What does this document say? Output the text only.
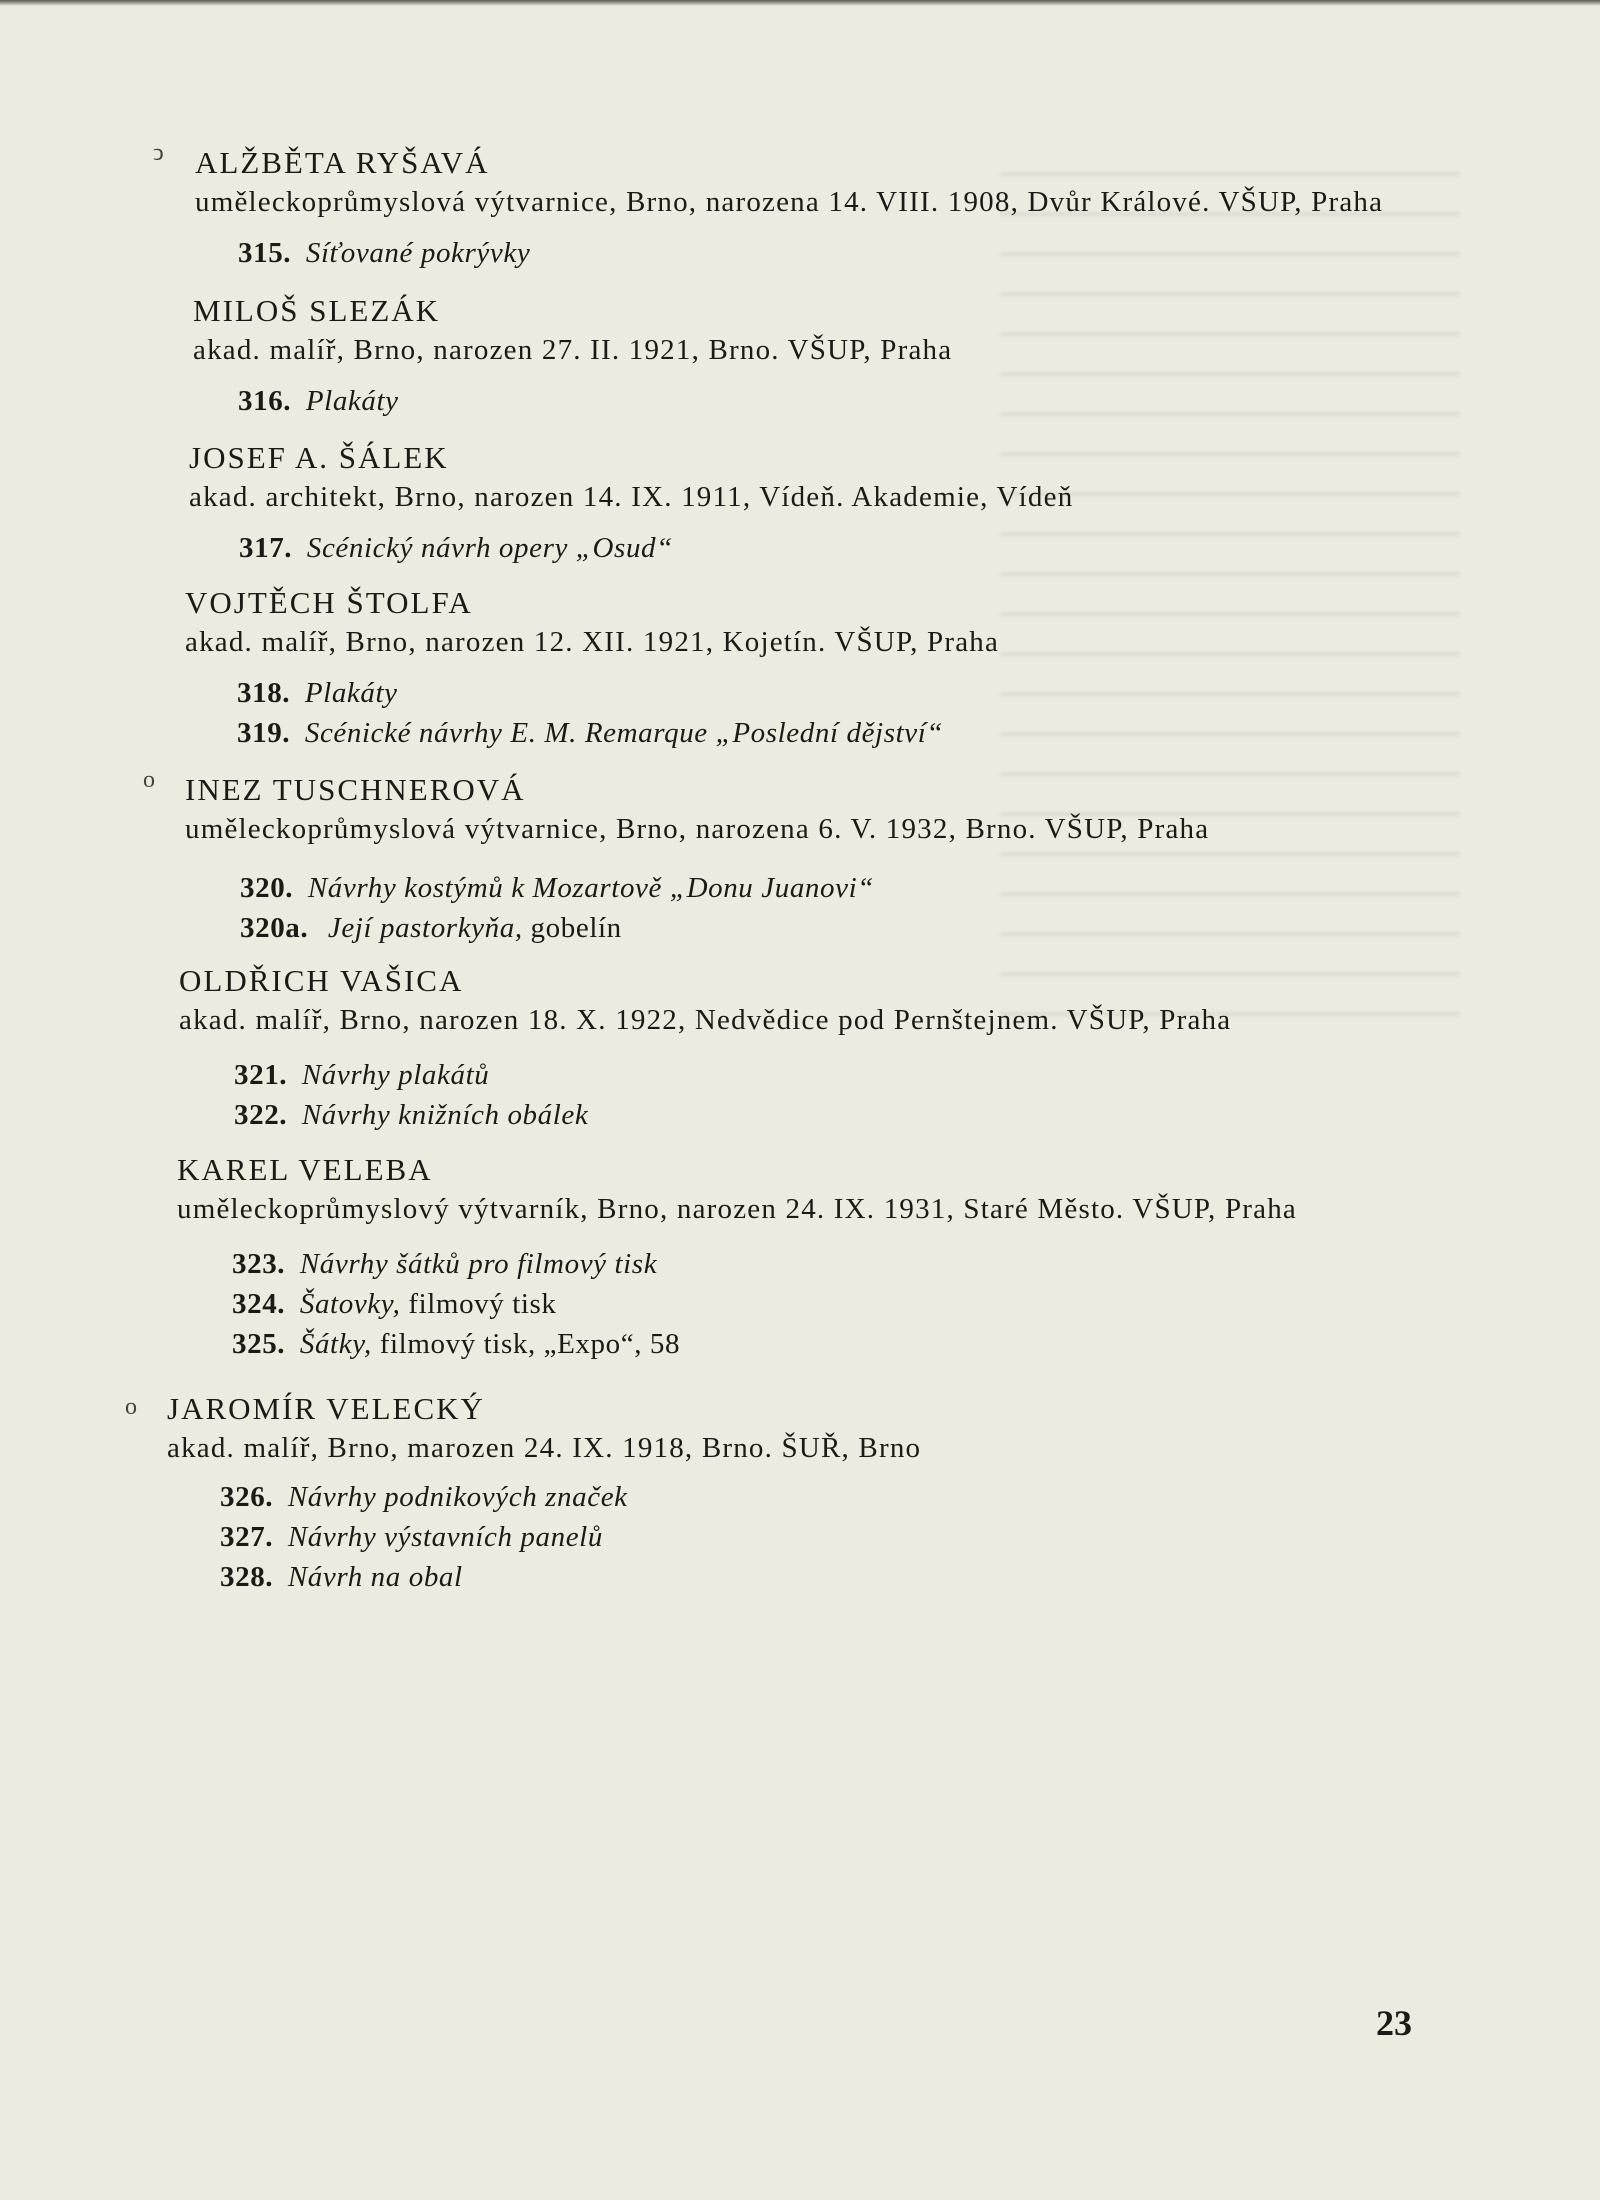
ↄ ALŽBĚTA RYŠAVÁ
uměleckoprůmyslová výtvarnice, Brno, narozena 14. VIII. 1908, Dvůr Králové. VŠUP, Praha
315. Síťované pokrývky
MILOŠ SLEZÁK
akad. malíř, Brno, narozen 27. II. 1921, Brno. VŠUP, Praha
316. Plakáty
JOSEF A. ŠÁLEK
akad. architekt, Brno, narozen 14. IX. 1911, Vídeň. Akademie, Vídeň
317. Scénický návrh opery „Osud“
VOJTĚCH ŠTOLFA
akad. malíř, Brno, narozen 12. XII. 1921, Kojetín. VŠUP, Praha
318. Plakáty
319. Scénické návrhy E. M. Remarque „Poslední dějství“
o INEZ TUSCHNEROVÁ
uměleckoprůmyslová výtvarnice, Brno, narozena 6. V. 1932, Brno. VŠUP, Praha
320. Návrhy kostýmů k Mozartově „Donu Juanovi“
320a. Její pastorkyňa, gobelín
OLDŘICH VAŠICA
akad. malíř, Brno, narozen 18. X. 1922, Nedvědice pod Pernštejnem. VŠUP, Praha
321. Návrhy plakátů
322. Návrhy knižních obálek
KAREL VELEBA
uměleckoprůmyslový výtvarník, Brno, narozen 24. IX. 1931, Staré Město. VŠUP, Praha
323. Návrhy šátků pro filmový tisk
324. Šatovky, filmový tisk
325. Šátky, filmový tisk, „Expo“, 58
o JAROMÍR VELECKÝ
akad. malíř, Brno, marozen 24. IX. 1918, Brno. ŠUŘ, Brno
326. Návrhy podnikových značek
327. Návrhy výstavních panelů
328. Návrh na obal
23
